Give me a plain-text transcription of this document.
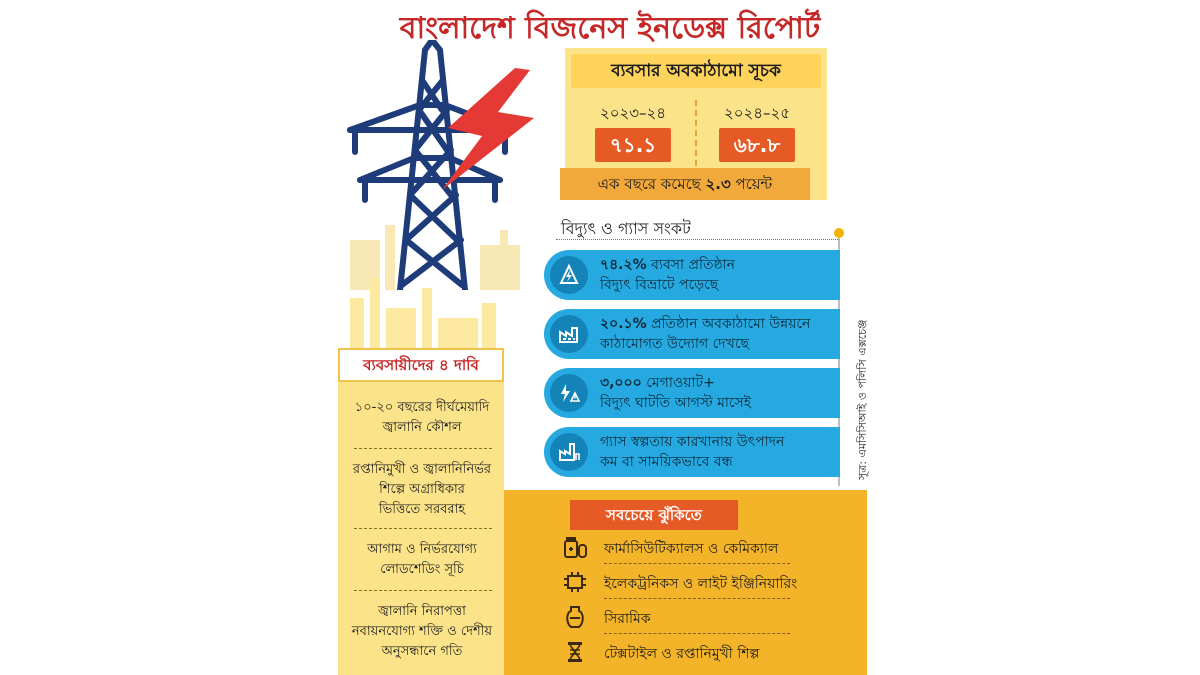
বাংলাদেশ বিজনেস ইনডেক্স রিপোর্ট
ব্যবসার অবকাঠামো সূচক
২০২৩–২৪	২০২৪–২৫
৭১.১	৬৮.৮
এক বছরে কমেছে ২.৩ পয়েন্ট
বিদ্যুৎ ও গ্যাস সংকট
৭৪.২% ব্যবসা প্রতিষ্ঠান
বিদ্যুৎ বিভ্রাটে পড়েছে
২০.১% প্রতিষ্ঠান অবকাঠামো উন্নয়নে
কাঠামোগত উদ্যোগ দেখছে
৩,০০০ মেগাওয়াট+
বিদ্যুৎ ঘাটতি আগস্ট মাসেই
গ্যাস স্বল্পতায় কারখানায় উৎপাদন
কম বা সাময়িকভাবে বন্ধ	সূত্র: এমসিসিআই ও পলিসি এক্সচেঞ্জ
ব্যবসায়ীদের ৪ দাবি
১০-২০ বছরের দীর্ঘমেয়াদি
জ্বালানি কৌশল
রপ্তানিমুখী ও জ্বালানিনির্ভর
শিল্পে অগ্রাধিকার
ভিত্তিতে সরবরাহ
আগাম ও নির্ভরযোগ্য
লোডশেডিং সূচি
জ্বালানি নিরাপত্তা
নবায়নযোগ্য শক্তি ও দেশীয়
অনুসন্ধানে গতি
সবচেয়ে ঝুঁকিতে
ফার্মাসিউটিক্যালস ও কেমিক্যাল
ইলেকট্রনিকস ও লাইট ইঞ্জিনিয়ারিং
সিরামিক
টেক্সটাইল ও রপ্তানিমুখী শিল্প
